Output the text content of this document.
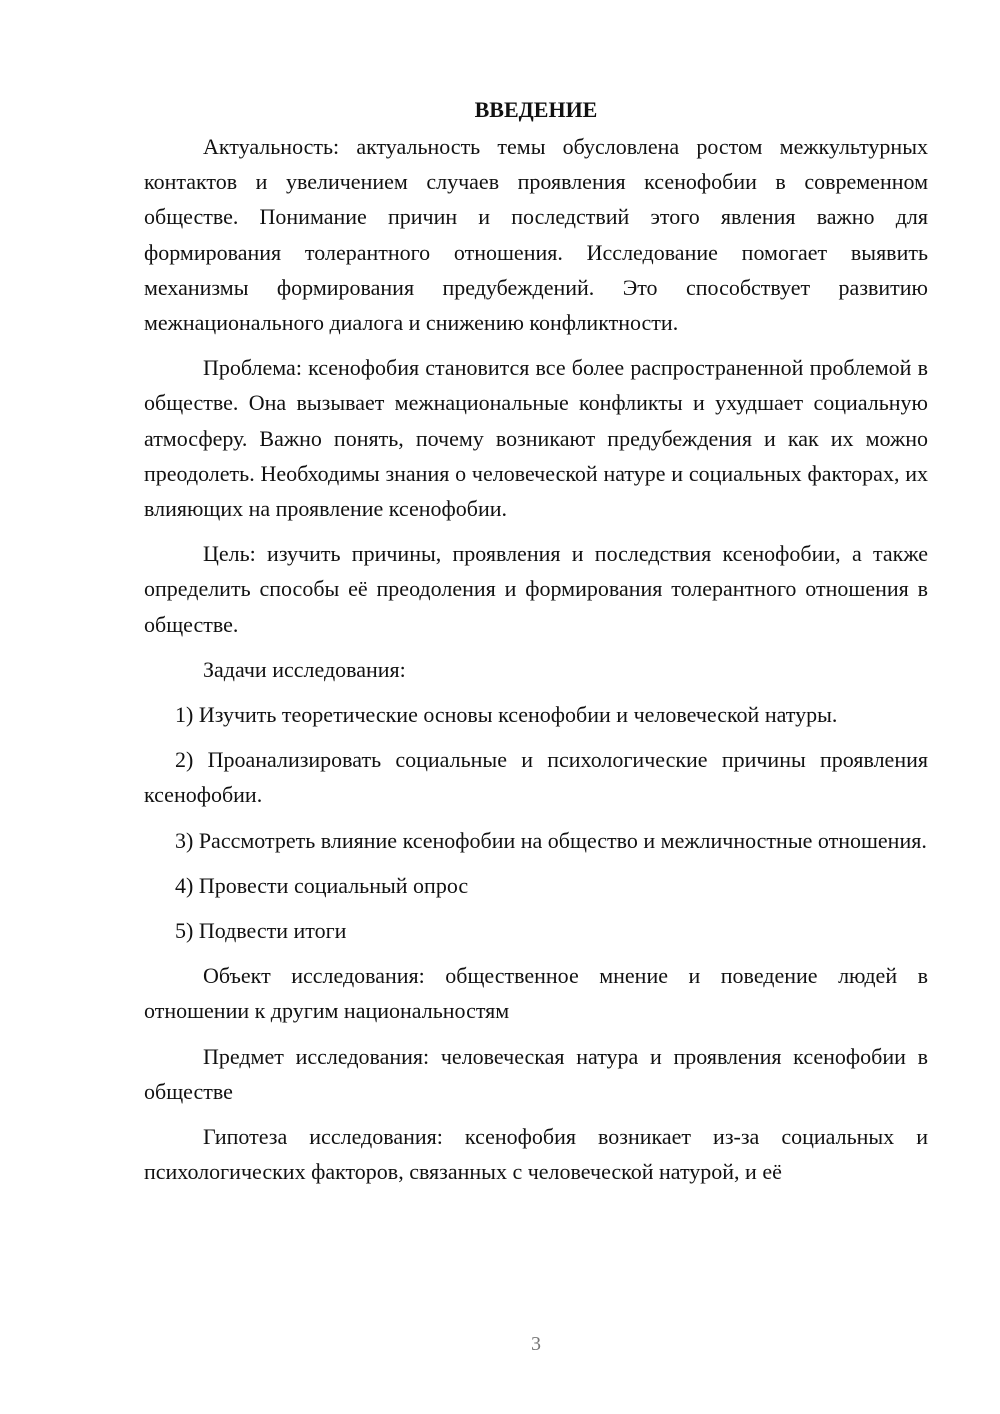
ВВЕДЕНИЕ

Актуальность: актуальность темы обусловлена ростом межкультурных контактов и увеличением случаев проявления ксенофобии в современном обществе. Понимание причин и последствий этого явления важно для формирования толерантного отношения. Исследование помогает выявить механизмы формирования предубеждений. Это способствует развитию межнационального диалога и снижению конфликтности.

Проблема: ксенофобия становится все более распространенной проблемой в обществе. Она вызывает межнациональные конфликты и ухудшает социальную атмосферу. Важно понять, почему возникают предубеждения и как их можно преодолеть. Необходимы знания о человеческой натуре и социальных факторах, их влияющих на проявление ксенофобии.

Цель: изучить причины, проявления и последствия ксенофобии, а также определить способы её преодоления и формирования толерантного отношения в обществе.

Задачи исследования:

1) Изучить теоретические основы ксенофобии и человеческой натуры.

2) Проанализировать социальные и психологические причины проявления ксенофобии.

3) Рассмотреть влияние ксенофобии на общество и межличностные отношения.

4) Провести социальный опрос

5) Подвести итоги

Объект исследования: общественное мнение и поведение людей в отношении к другим национальностям

Предмет исследования: человеческая натура и проявления ксенофобии в обществе

Гипотеза исследования: ксенофобия возникает из-за социальных и психологических факторов, связанных с человеческой натурой, и её

3
